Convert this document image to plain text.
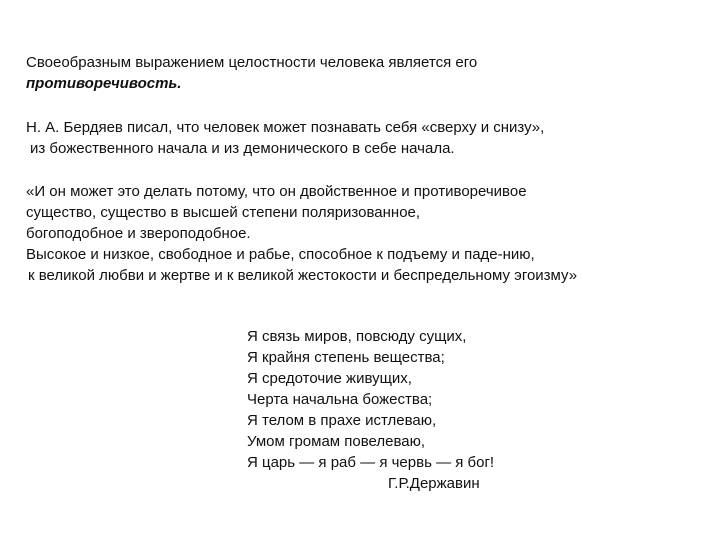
Своеобразным выражением целостности человека является его
противоречивость.
Н. А. Бердяев писал, что человек может познавать себя «сверху и снизу»,
из божественного начала и из демонического в себе начала.
«И он может это делать потому, что он двойственное и противоречивое
существо, существо в высшей степени поляризованное,
богоподобное и звероподобное.
Высокое и низкое, свободное и рабье, способное к подъему и паде-нию,
к великой любви и жертве и к великой жестокости и беспредельному эгоизму»
Я связь миров, повсюду сущих,
Я крайня степень вещества;
Я средоточие живущих,
Черта начальна божества;
Я телом в прахе истлеваю,
Умом громам повелеваю,
Я царь — я раб — я червь — я бог!
Г.Р.Державин
